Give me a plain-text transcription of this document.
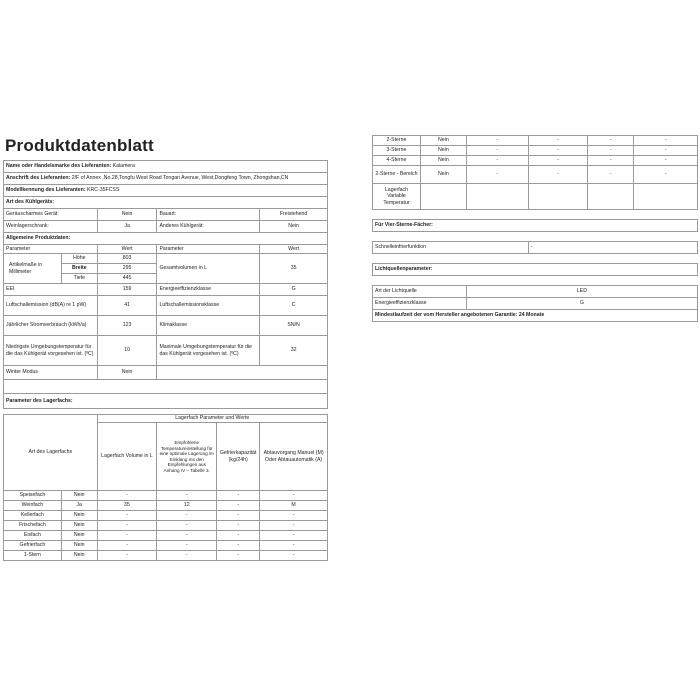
Produktdatenblatt
Name oder Handelsmarke des Lieferanten: Kalamera				
Anschrift des Lieferanten: 2/F of Annex ,No.28,Tongfu West Road Tongan Avenue, West,Dongfeng Town, Zhongshan,CN				
Modellkennung des Lieferanten: KRC-35FCSS				
Art des Kühlgeräts:				
Geräuscharmes Gerät:		Nein	Bauart:	Freistehend
Weinlagerschrank:		Ja	Anderes Kühlgerät:	Nein
Allgemeine Produktdaten:				
Parameter		Wert	Parameter	Wert
Artikelmaße in Millimeter	Höhe	803	Gesamtvolumen in L	35
	Breite	295		
	Tiefe	445		
EEI		159	Energieeffizienzklasse	G
Luftschallemission (dB(A) re 1 pW)		41	Luftschallemissionsklasse	C
Jährlicher Stromverbrauch (kWh/a)		123	Klimaklasse	SN/N
Niedrigste Umgebungstemperatur für die das Kühlgerät vorgesehen ist. (ºC)		10	Maximale Umgebungstemperatur für die das Kühlgerät vorgesehen ist. (ºC)	32
Winter Modus		Nein		

Parameter des Lagerfachs:				
Art des Lagerfachs		Lagerfach Parameter und Werte			
		Lagerfach Volume in L	Empfohlene Temperatureinstellung für eine optimale Lagerung im Einklang mit den Empfehlungen aus Anhang IV – Tabelle 3.	Gefrierkapazität (kg/24h)	Abtauvorgang Manuel (M) Oder Abtauautomatik (A)
Speisefach	Nein	-	-	-	-
Weinfach	Ja	35	12	-	M
Kellerfach	Nein	-	-	-	-
Frischefach	Nein	-	-	-	-
Eisfach	Nein	-	-	-	-
Gefrierfach	Nein	-	-	-	-
1-Stern	Nein	-	-	-	-
2-Sterne	Nein	-	-	-	-
3-Sterne	Nein	-	-	-	-
4-Sterne	Nein	-	-	-	-
2-Sterne - Bereich	Nein	-	-	-	-
Lagerfach Variable Temperatur					

Für Vier-Sterne-Fächer:					

Schnelleinfrierfunktion			-		

Lichtquellenparameter:					

Art der Lichtquelle		LED			
Energieeffizienzklasse		G			
Mindestlaufzeit der vom Hersteller angebotenen Garantie: 24 Monate					
